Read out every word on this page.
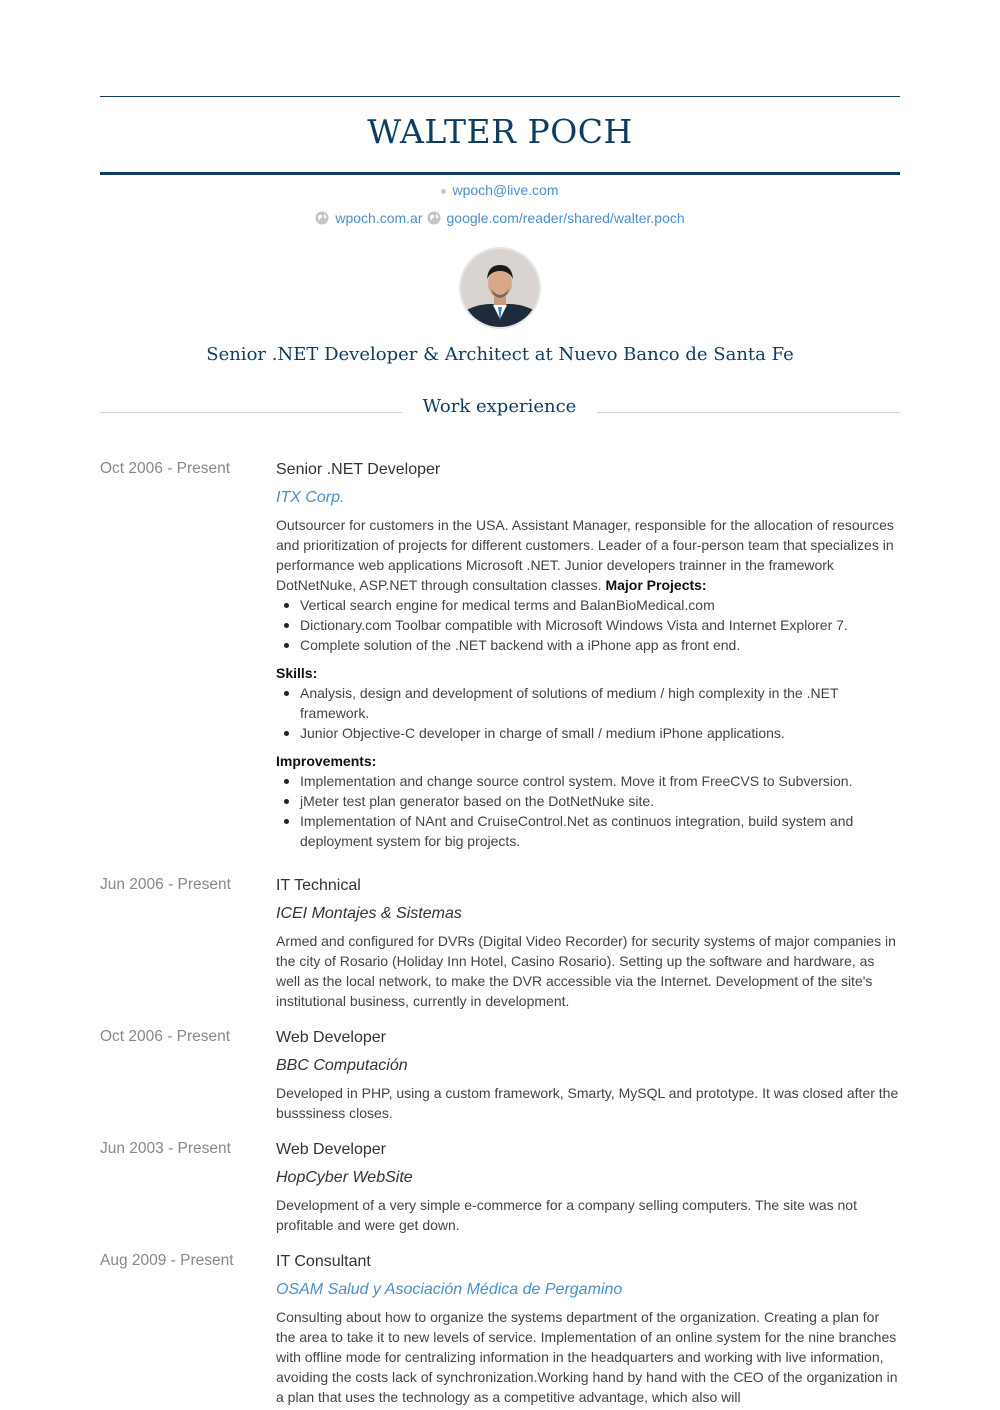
WALTER POCH
wpoch@live.com
wpoch.com.ar google.com/reader/shared/walter.poch
Senior .NET Developer & Architect at Nuevo Banco de Santa Fe
Work experience
Oct 2006 - Present	Senior .NET Developer
ITX Corp.
Outsourcer for customers in the USA. Assistant Manager, responsible for the allocation of resources and prioritization of projects for different customers. Leader of a four-person team that specializes in performance web applications Microsoft .NET. Junior developers trainner in the framework DotNetNuke, ASP.NET through consultation classes. Major Projects:
Vertical search engine for medical terms and BalanBioMedical.com
Dictionary.com Toolbar compatible with Microsoft Windows Vista and Internet Explorer 7.
Complete solution of the .NET backend with a iPhone app as front end.
Skills:
Analysis, design and development of solutions of medium / high complexity in the .NET framework.
Junior Objective-C developer in charge of small / medium iPhone applications.
Improvements:
Implementation and change source control system. Move it from FreeCVS to Subversion.
jMeter test plan generator based on the DotNetNuke site.
Implementation of NAnt and CruiseControl.Net as continuos integration, build system and deployment system for big projects.
Jun 2006 - Present	IT Technical
ICEI Montajes & Sistemas
Armed and configured for DVRs (Digital Video Recorder) for security systems of major companies in the city of Rosario (Holiday Inn Hotel, Casino Rosario). Setting up the software and hardware, as well as the local network, to make the DVR accessible via the Internet. Development of the site's institutional business, currently in development.
Oct 2006 - Present	Web Developer
BBC Computación
Developed in PHP, using a custom framework, Smarty, MySQL and prototype. It was closed after the busssiness closes.
Jun 2003 - Present	Web Developer
HopCyber WebSite
Development of a very simple e-commerce for a company selling computers. The site was not profitable and were get down.
Aug 2009 - Present	IT Consultant
OSAM Salud y Asociación Médica de Pergamino
Consulting about how to organize the systems department of the organization. Creating a plan for the area to take it to new levels of service. Implementation of an online system for the nine branches with offline mode for centralizing information in the headquarters and working with live information, avoiding the costs lack of synchronization.Working hand by hand with the CEO of the organization in a plan that uses the technology as a competitive advantage, which also will
